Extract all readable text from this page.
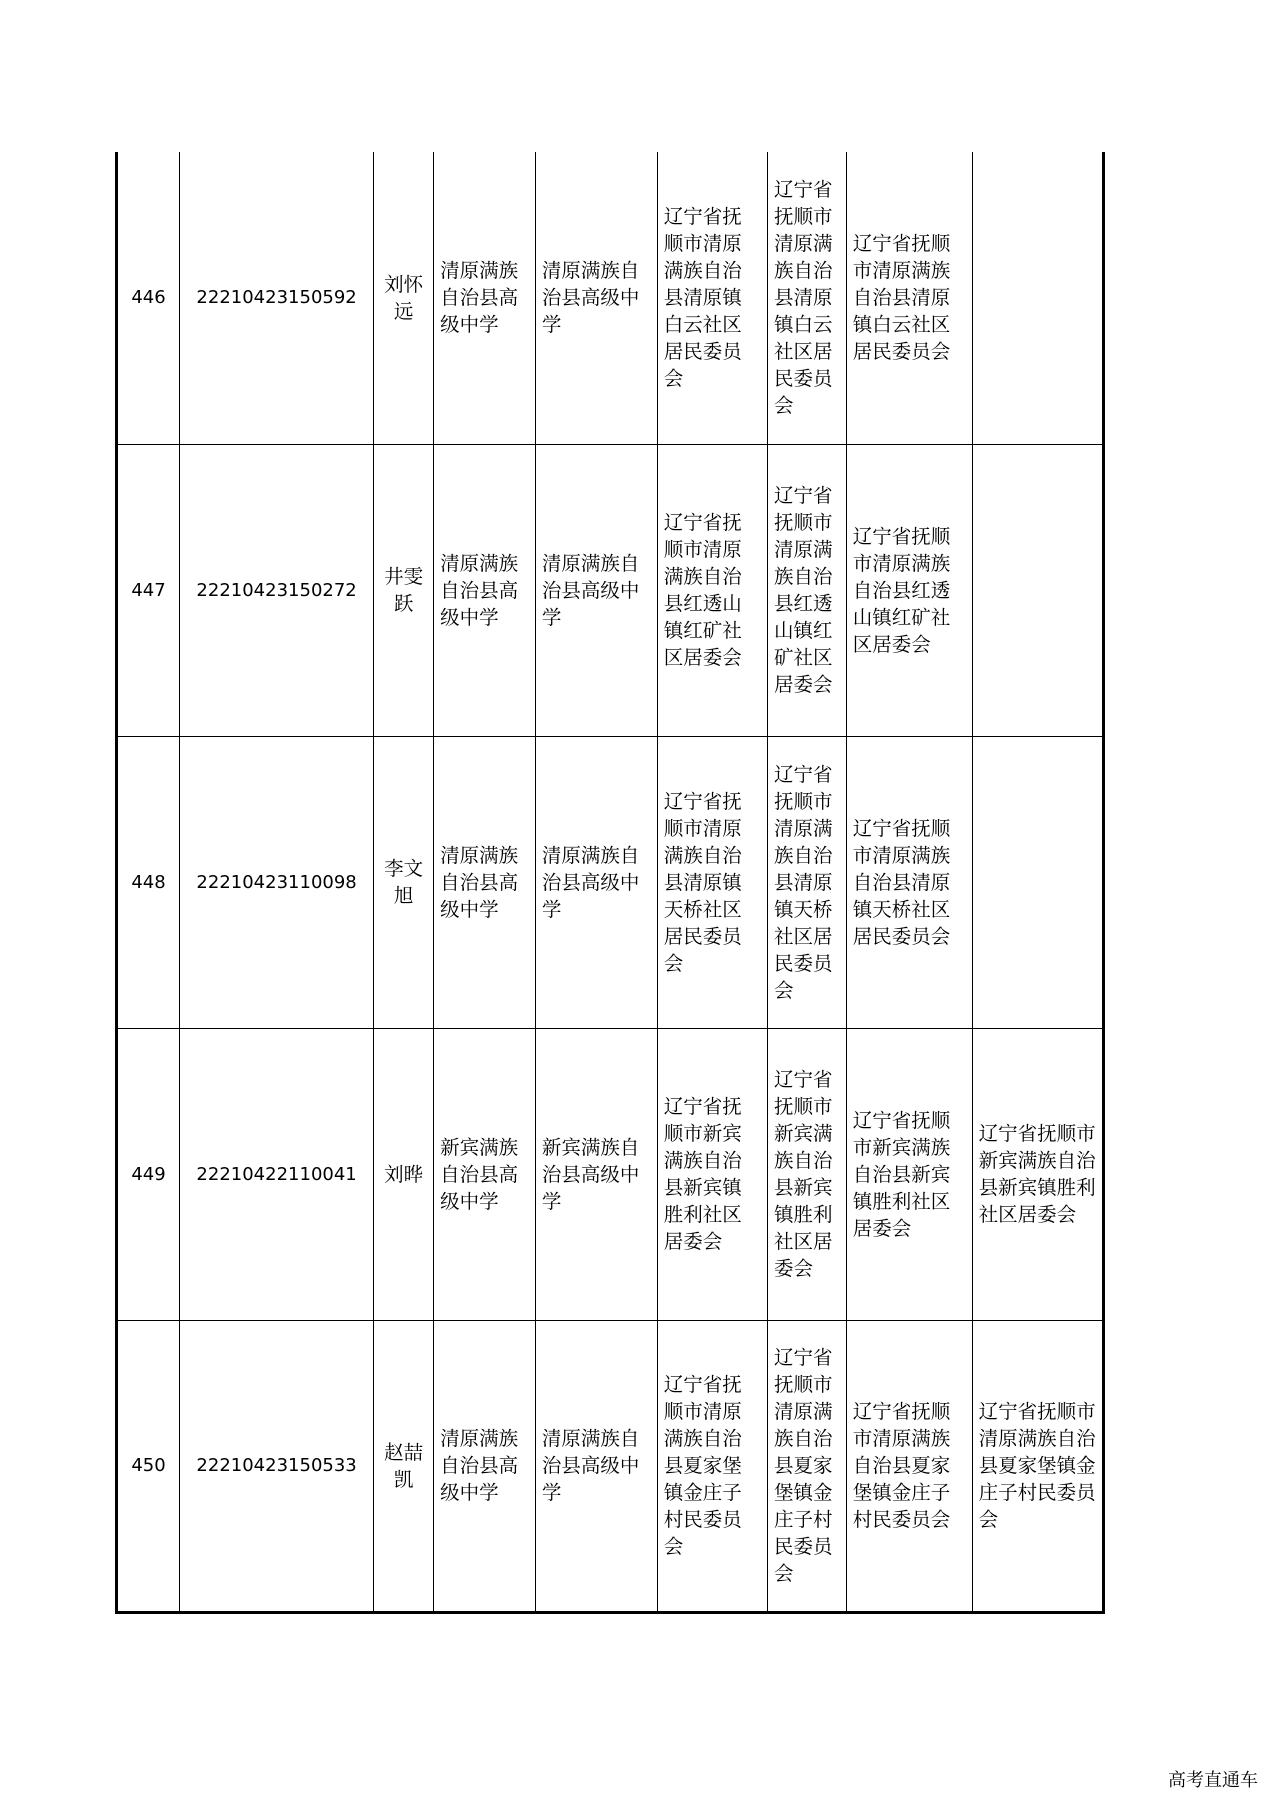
446	22210423150592	刘怀远	清原满族自治县高级中学	清原满族自治县高级中学	辽宁省抚顺市清原满族自治县清原镇白云社区居民委员会	辽宁省抚顺市清原满族自治县清原镇白云社区居民委员会	辽宁省抚顺市清原满族自治县清原镇白云社区居民委员会	
447	22210423150272	井雯跃	清原满族自治县高级中学	清原满族自治县高级中学	辽宁省抚顺市清原满族自治县红透山镇红矿社区居委会	辽宁省抚顺市清原满族自治县红透山镇红矿社区居委会	辽宁省抚顺市清原满族自治县红透山镇红矿社区居委会	
448	22210423110098	李文旭	清原满族自治县高级中学	清原满族自治县高级中学	辽宁省抚顺市清原满族自治县清原镇天桥社区居民委员会	辽宁省抚顺市清原满族自治县清原镇天桥社区居民委员会	辽宁省抚顺市清原满族自治县清原镇天桥社区居民委员会	
449	22210422110041	刘晔	新宾满族自治县高级中学	新宾满族自治县高级中学	辽宁省抚顺市新宾满族自治县新宾镇胜利社区居委会	辽宁省抚顺市新宾满族自治县新宾镇胜利社区居委会	辽宁省抚顺市新宾满族自治县新宾镇胜利社区居委会	辽宁省抚顺市新宾满族自治县新宾镇胜利社区居委会
450	22210423150533	赵喆凯	清原满族自治县高级中学	清原满族自治县高级中学	辽宁省抚顺市清原满族自治县夏家堡镇金庄子村民委员会	辽宁省抚顺市清原满族自治县夏家堡镇金庄子村民委员会	辽宁省抚顺市清原满族自治县夏家堡镇金庄子村民委员会	辽宁省抚顺市清原满族自治县夏家堡镇金庄子村民委员会
高考直通车
